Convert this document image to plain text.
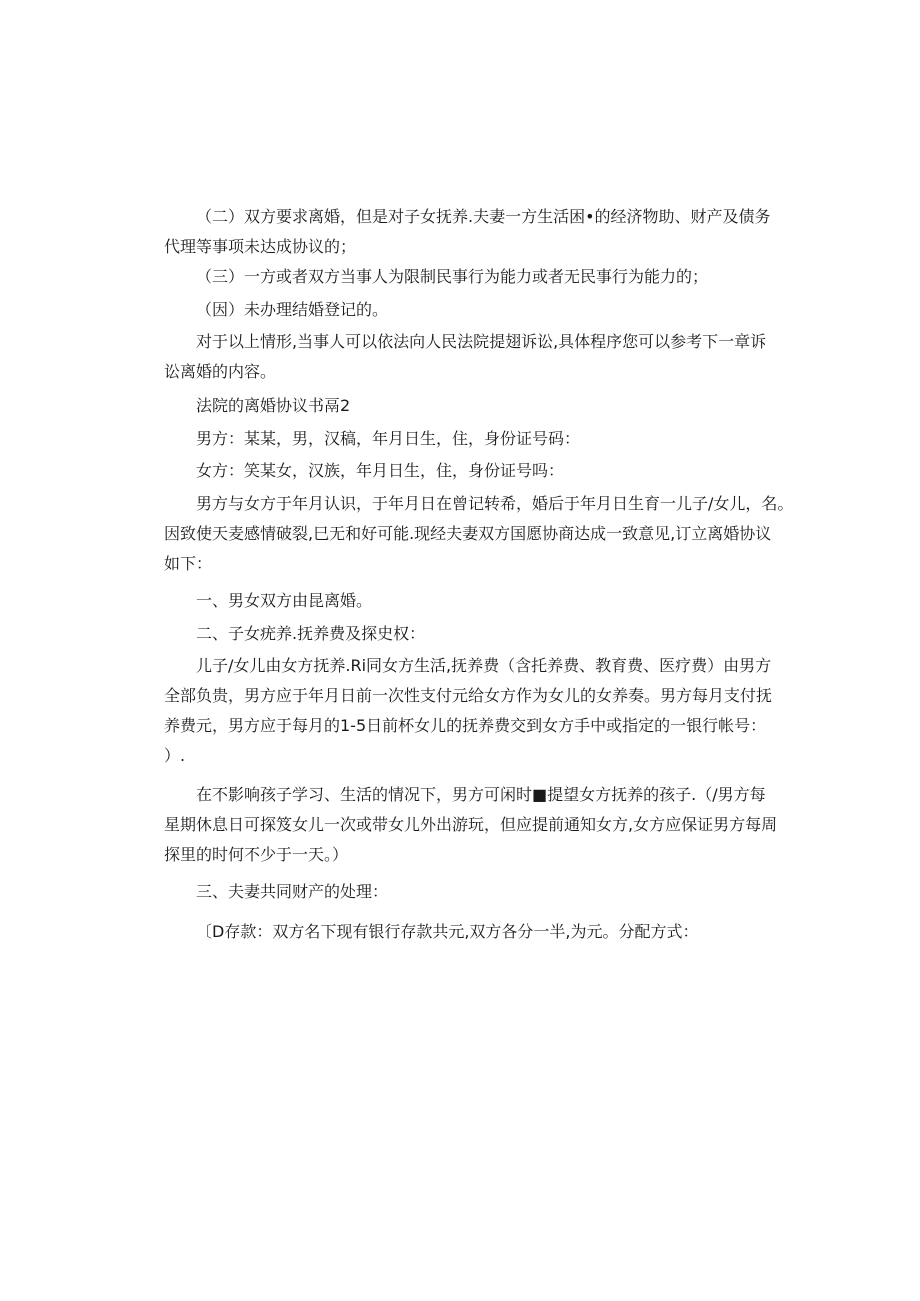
（二）双方要求离婚，但是对子女抚养.夫妻一方生活困•的经济物助、财产及债务
代理等事项未达成协议的；
（三）一方或者双方当事人为限制民事行为能力或者无民事行为能力的；
（因）未办理结婚登记的。
对于以上情形,当事人可以依法向人民法院提翅诉讼,具体程序您可以参考下一章诉
讼离婚的内容。
法院的离婚协议书鬲2
男方：某某，男，汉稿，年月日生，住，身份证号码：
女方：笑某女，汉族，年月日生，住，身份证号吗：
男方与女方于年月认识，于年月日在曾记转希，婚后于年月日生育一儿子/女儿，名。
因致使天麦感情破裂,巳无和好可能.现经夫妻双方国愿协商达成一致意见,订立离婚协议
如下：
一、男女双方由昆离婚。
二、子女疣养.抚养费及探史权：
儿子/女儿由女方抚养.Ri同女方生活,抚养费（含托养费、教育费、医疗费）由男方
全部负贵，男方应于年月日前一次性支付元给女方作为女儿的女养奏。男方每月支付抚
养费元，男方应于每月的1-5日前杯女儿的抚养费交到女方手中或指定的一银行帐号：
）.
在不影响孩子学习、生活的情况下，男方可闲时■提望女方抚养的孩子.（/男方每
星期休息日可探笈女儿一次或带女儿外出游玩，但应提前通知女方,女方应保证男方每周
探里的时何不少于一天。）
三、夫妻共同财产的处理：
〔D存款：双方名下现有银行存款共元,双方各分一半,为元。分配方式：
